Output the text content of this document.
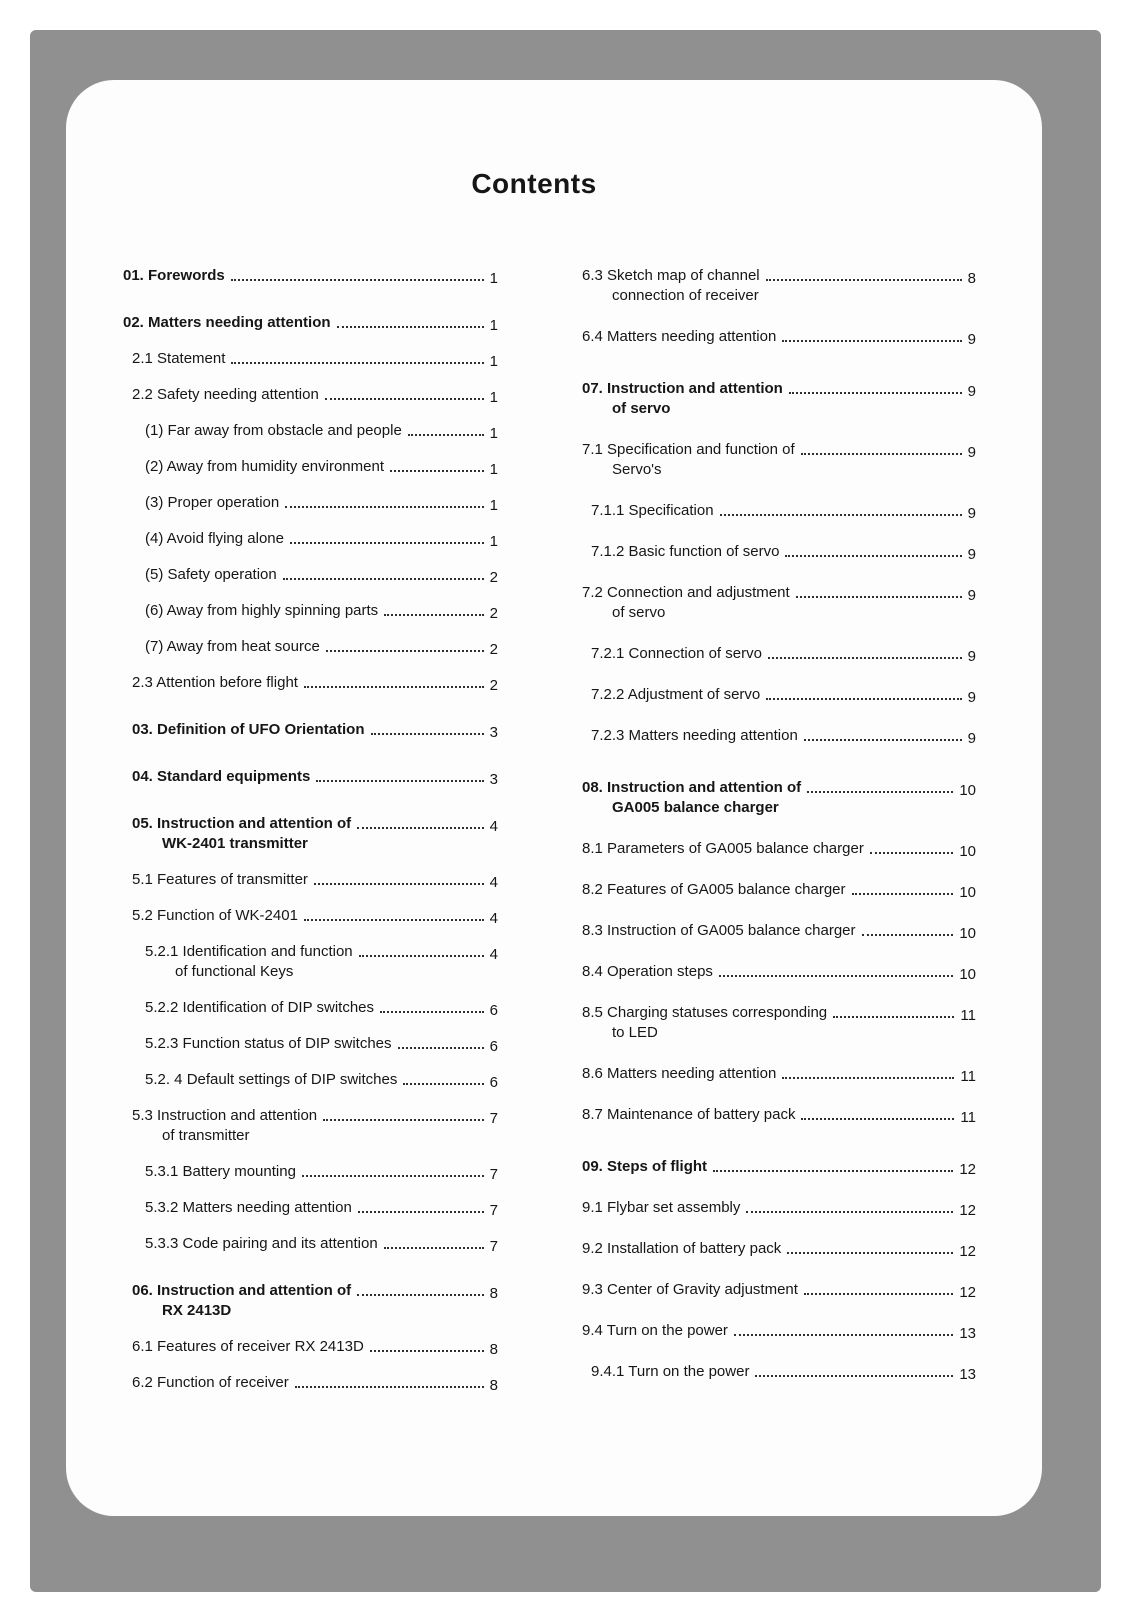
Contents
01. Forewords	1
02. Matters needing attention	1
2.1 Statement	1
2.2 Safety needing attention	1
(1) Far away from obstacle and people	1
(2) Away from humidity environment	1
(3) Proper operation	1
(4) Avoid flying alone	1
(5) Safety operation	2
(6) Away from highly spinning parts	2
(7) Away from heat source	2
2.3 Attention before flight	2
03. Definition of UFO Orientation	3
04. Standard equipments	3
05. Instruction and attention of	4
WK-2401 transmitter
5.1 Features of transmitter	4
5.2 Function of WK-2401	4
5.2.1 Identification and function	4
of functional Keys
5.2.2 Identification of DIP switches	6
5.2.3 Function status of DIP switches	6
5.2. 4 Default settings of DIP switches	6
5.3 Instruction and attention	7
of transmitter
5.3.1 Battery mounting	7
5.3.2 Matters needing attention	7
5.3.3 Code pairing and its attention	7
06. Instruction and attention of	8
RX 2413D
6.1 Features of receiver RX 2413D	8
6.2 Function of receiver	8
6.3 Sketch map of channel	8
connection of receiver
6.4 Matters needing attention	9
07. Instruction and attention	9
of servo
7.1 Specification and function of	9
Servo's
7.1.1 Specification	9
7.1.2 Basic function of servo	9
7.2 Connection and adjustment	9
of servo
7.2.1 Connection of servo	9
7.2.2 Adjustment of servo	9
7.2.3 Matters needing attention	9
08. Instruction and attention of	10
GA005 balance charger
8.1 Parameters of GA005 balance charger	10
8.2 Features of GA005 balance charger	10
8.3 Instruction of GA005 balance charger	10
8.4 Operation steps	10
8.5 Charging statuses corresponding	11
to LED
8.6 Matters needing attention	11
8.7 Maintenance of battery pack	11
09. Steps of flight	12
9.1 Flybar set assembly	12
9.2 Installation of battery pack	12
9.3 Center of Gravity adjustment	12
9.4 Turn on the power	13
9.4.1 Turn on the power	13
